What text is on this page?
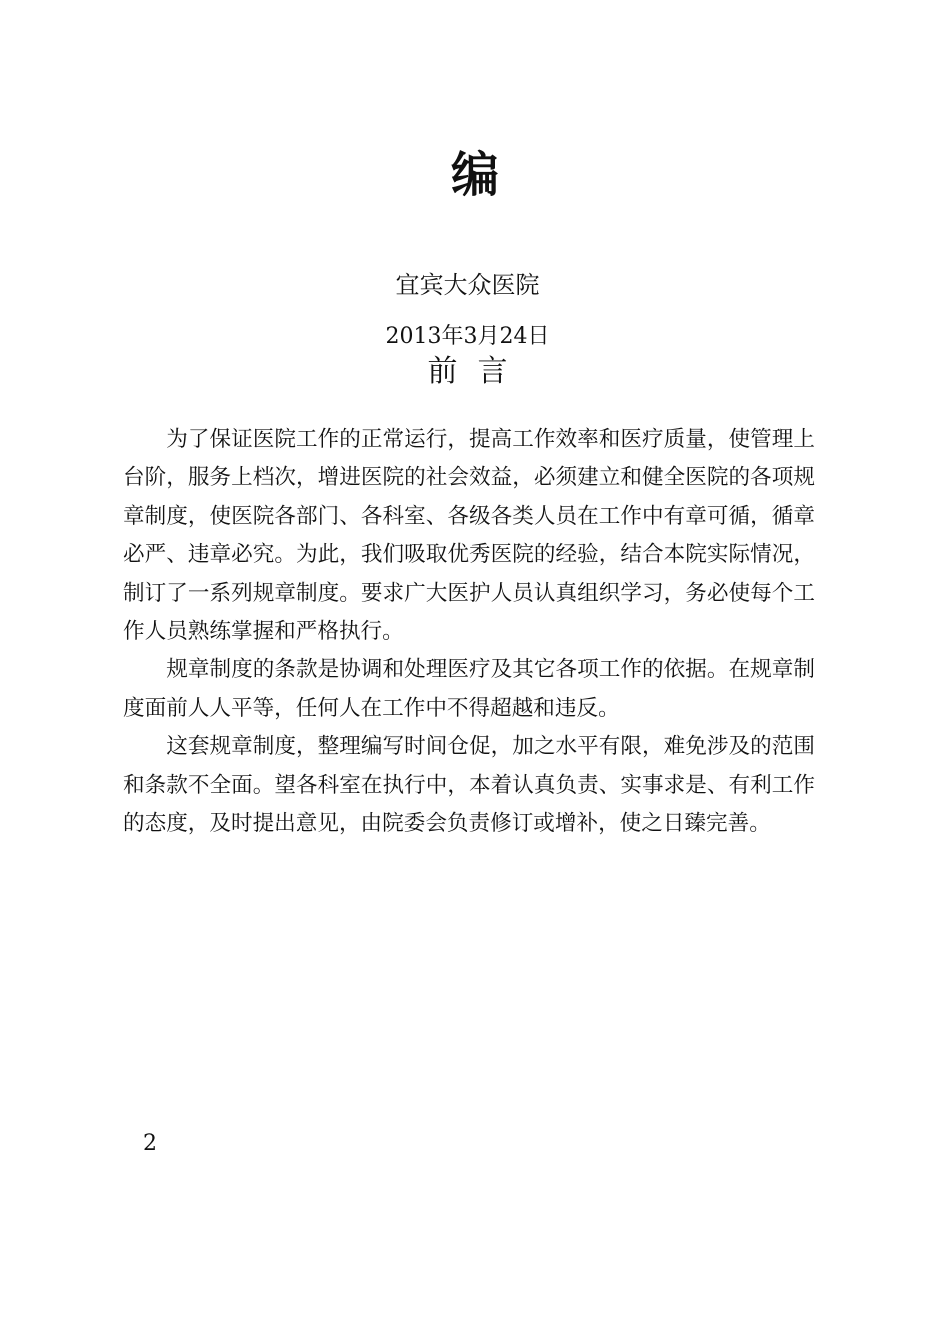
编
宜宾大众医院
2013年3月24日
前言

为了保证医院工作的正常运行，提高工作效率和医疗质量，使管理上台阶，服务上档次，增进医院的社会效益，必须建立和健全医院的各项规章制度，使医院各部门、各科室、各级各类人员在工作中有章可循，循章必严、违章必究。为此，我们吸取优秀医院的经验，结合本院实际情况，制订了一系列规章制度。要求广大医护人员认真组织学习，务必使每个工作人员熟练掌握和严格执行。

规章制度的条款是协调和处理医疗及其它各项工作的依据。在规章制度面前人人平等，任何人在工作中不得超越和违反。

这套规章制度，整理编写时间仓促，加之水平有限，难免涉及的范围和条款不全面。望各科室在执行中，本着认真负责、实事求是、有利工作的态度，及时提出意见，由院委会负责修订或增补，使之日臻完善。

2
